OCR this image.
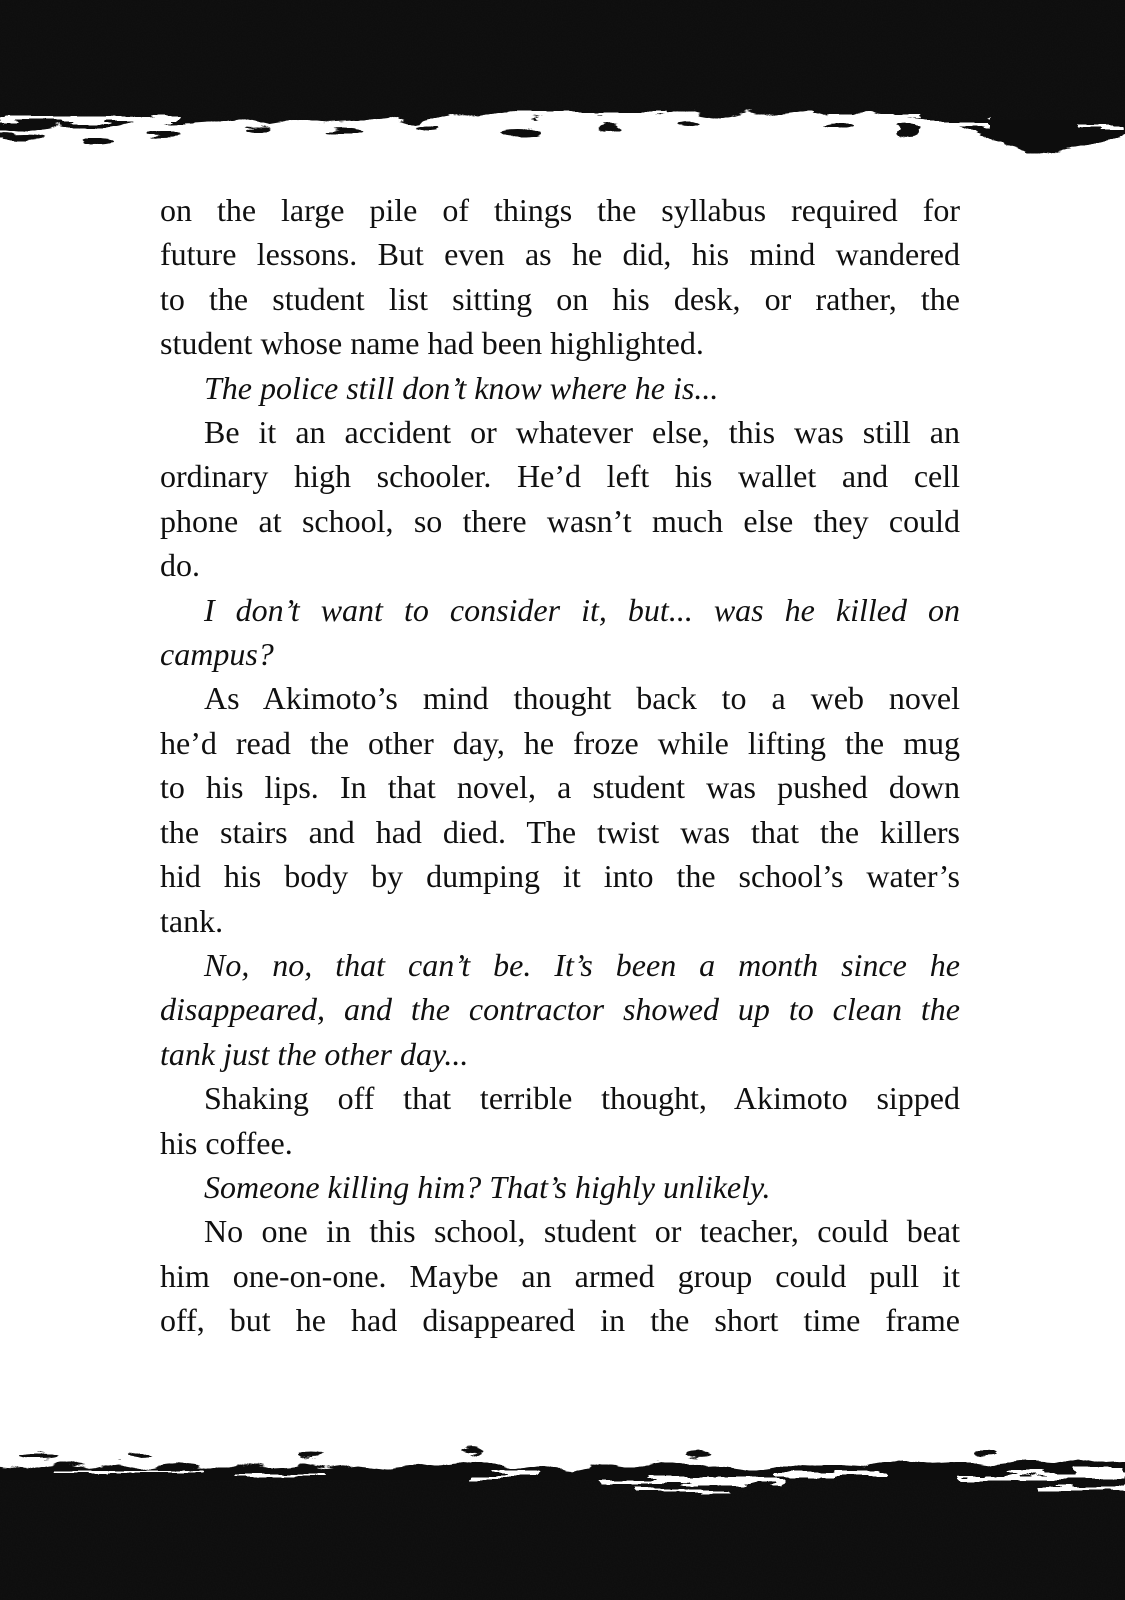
on the large pile of things the syllabus required for
future lessons. But even as he did, his mind wandered
to the student list sitting on his desk, or rather, the
student whose name had been highlighted.
The police still don’t know where he is...
Be it an accident or whatever else, this was still an
ordinary high schooler. He’d left his wallet and cell
phone at school, so there wasn’t much else they could
do.
I don’t want to consider it, but... was he killed on
campus?
As Akimoto’s mind thought back to a web novel
he’d read the other day, he froze while lifting the mug
to his lips. In that novel, a student was pushed down
the stairs and had died. The twist was that the killers
hid his body by dumping it into the school’s water’s
tank.
No, no, that can’t be. It’s been a month since he
disappeared, and the contractor showed up to clean the
tank just the other day...
Shaking off that terrible thought, Akimoto sipped
his coffee.
Someone killing him? That’s highly unlikely.
No one in this school, student or teacher, could beat
him one-on-one. Maybe an armed group could pull it
off, but he had disappeared in the short time frame
